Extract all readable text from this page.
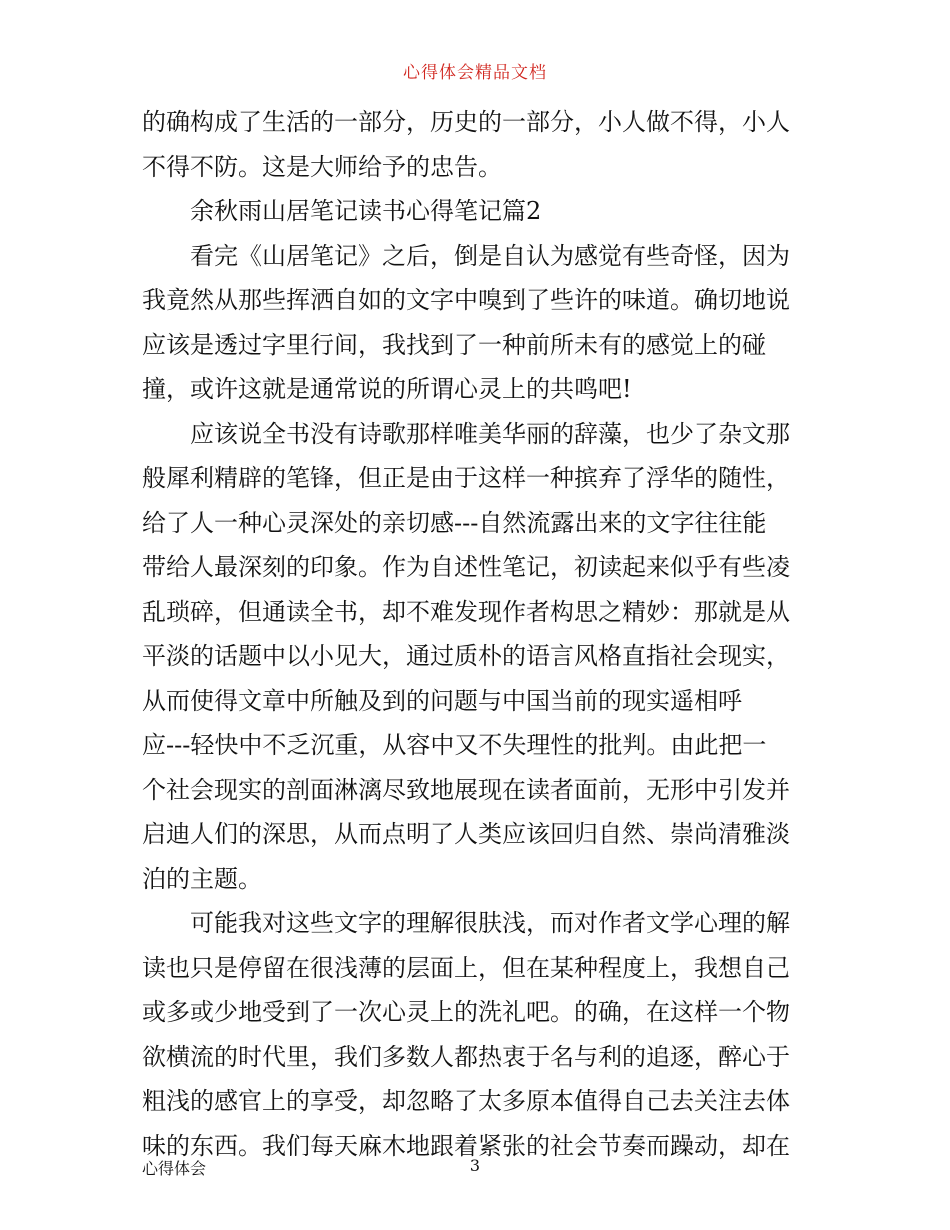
心得体会精品文档
的确构成了生活的一部分，历史的一部分，小人做不得，小人
不得不防。这是大师给予的忠告。
余秋雨山居笔记读书心得笔记篇2
看完《山居笔记》之后，倒是自认为感觉有些奇怪，因为
我竟然从那些挥洒自如的文字中嗅到了些许的味道。确切地说
应该是透过字里行间，我找到了一种前所未有的感觉上的碰
撞，或许这就是通常说的所谓心灵上的共鸣吧!
应该说全书没有诗歌那样唯美华丽的辞藻，也少了杂文那
般犀利精辟的笔锋，但正是由于这样一种摈弃了浮华的随性，
给了人一种心灵深处的亲切感---自然流露出来的文字往往能
带给人最深刻的印象。作为自述性笔记，初读起来似乎有些凌
乱琐碎，但通读全书，却不难发现作者构思之精妙：那就是从
平淡的话题中以小见大，通过质朴的语言风格直指社会现实，
从而使得文章中所触及到的问题与中国当前的现实遥相呼
应---轻快中不乏沉重，从容中又不失理性的批判。由此把一
个社会现实的剖面淋漓尽致地展现在读者面前，无形中引发并
启迪人们的深思，从而点明了人类应该回归自然、崇尚清雅淡
泊的主题。
可能我对这些文字的理解很肤浅，而对作者文学心理的解
读也只是停留在很浅薄的层面上，但在某种程度上，我想自己
或多或少地受到了一次心灵上的洗礼吧。的确，在这样一个物
欲横流的时代里，我们多数人都热衷于名与利的追逐，醉心于
粗浅的感官上的享受，却忽略了太多原本值得自己去关注去体
味的东西。我们每天麻木地跟着紧张的社会节奏而躁动，却在
心得体会	3
